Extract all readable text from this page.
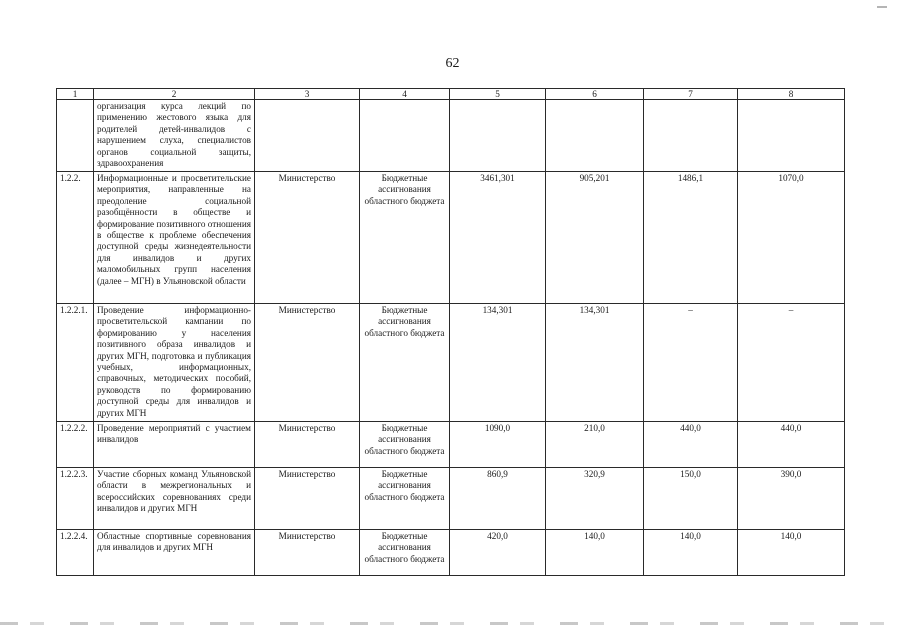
62
1	2	3	4	5	6	7	8
	организация курса лекций по применению жестового языка для родителей детей-инвалидов с нарушением слуха, специалистов органов социальной защиты, здравоохранения						
1.2.2.	Информационные и просветительские мероприятия, направленные на преодоление социальной разобщённости в обществе и формирование позитивного отношения в обществе к проблеме обеспечения доступной среды жизнедеятельности для инвалидов и других маломобильных групп населения (далее – МГН) в Ульяновской области	Министерство	Бюджетные ассигнования областного бюджета	3461,301	905,201	1486,1	1070,0
1.2.2.1.	Проведение информационно-просветительской кампании по формированию у населения позитивного образа инвалидов и других МГН, подготовка и публикация учебных, информационных, справочных, методических пособий, руководств по формированию доступной среды для инвалидов и других МГН	Министерство	Бюджетные ассигнования областного бюджета	134,301	134,301	–	–
1.2.2.2.	Проведение мероприятий с участием инвалидов	Министерство	Бюджетные ассигнования областного бюджета	1090,0	210,0	440,0	440,0
1.2.2.3.	Участие сборных команд Ульяновской области в межрегиональных и всероссийских соревнованиях среди инвалидов и других МГН	Министерство	Бюджетные ассигнования областного бюджета	860,9	320,9	150,0	390,0
1.2.2.4.	Областные спортивные соревнования для инвалидов и других МГН	Министерство	Бюджетные ассигнования областного бюджета	420,0	140,0	140,0	140,0
